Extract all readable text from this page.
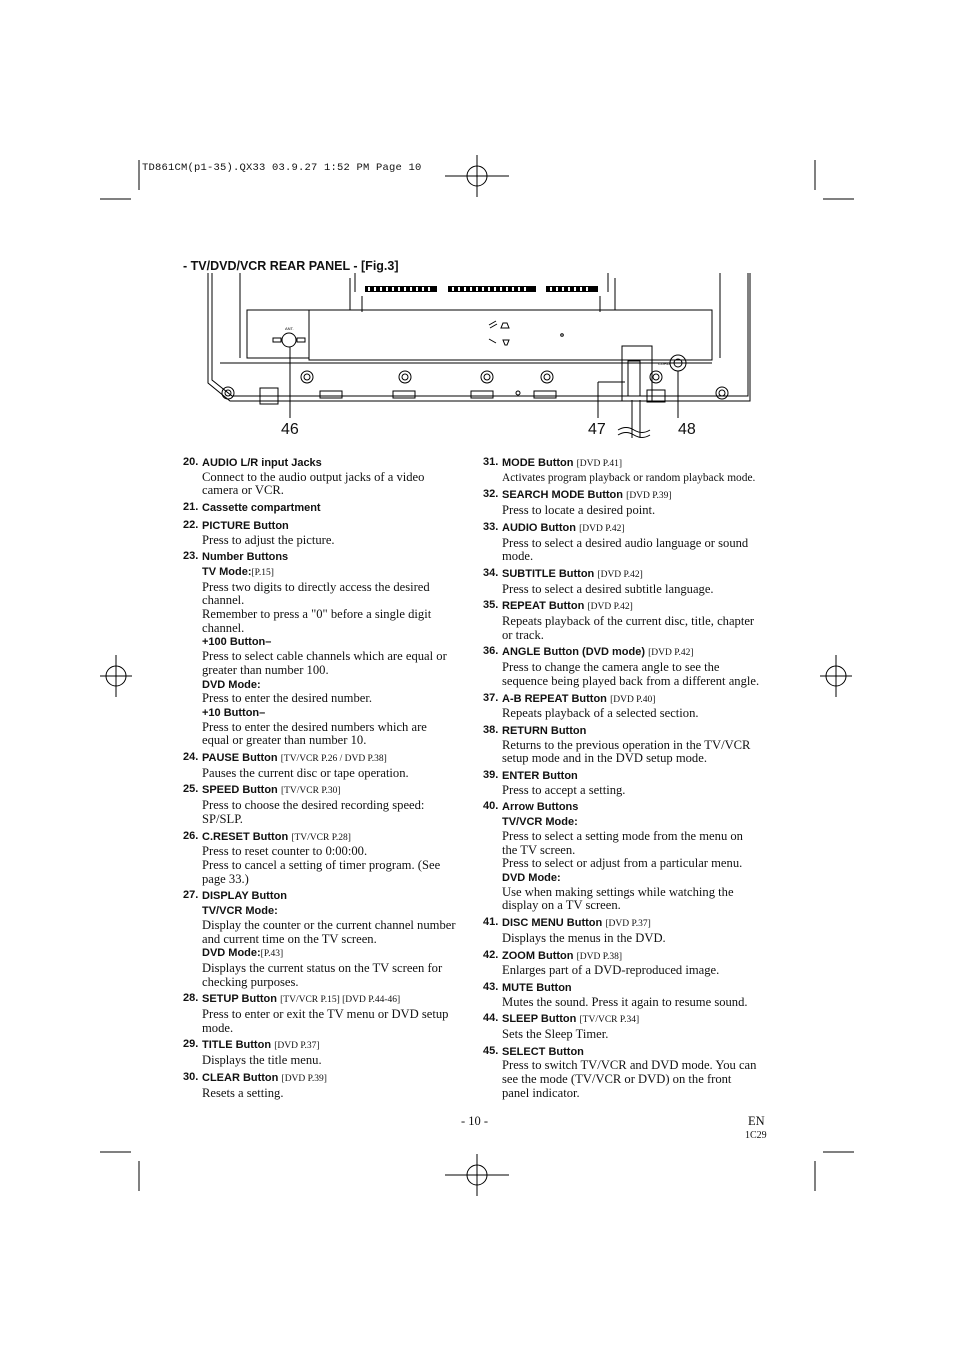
TD861CM(p1-35).QX33 03.9.27 1:52 PM Page 10
- TV/DVD/VCR REAR PANEL - [Fig.3]
ANT.
CORD
46	47	48
20. AUDIO L/R input Jacks
Connect to the audio output jacks of a video
camera or VCR.
21. Cassette compartment
22. PICTURE Button
Press to adjust the picture.
23. Number Buttons
TV Mode:[P.15]
Press two digits to directly access the desired
channel.
Remember to press a "0" before a single digit
channel.
+100 Button–
Press to select cable channels which are equal or
greater than number 100.
DVD Mode:
Press to enter the desired number.
+10 Button–
Press to enter the desired numbers which are
equal or greater than number 10.
24. PAUSE Button [TV/VCR P.26 / DVD P.38]
Pauses the current disc or tape operation.
25. SPEED Button [TV/VCR P.30]
Press to choose the desired recording speed:
SP/SLP.
26. C.RESET Button [TV/VCR P.28]
Press to reset counter to 0:00:00.
Press to cancel a setting of timer program. (See
page 33.)
27. DISPLAY Button
TV/VCR Mode:
Display the counter or the current channel number
and current time on the TV screen.
DVD Mode:[P.43]
Displays the current status on the TV screen for
checking purposes.
28. SETUP Button [TV/VCR P.15] [DVD P.44-46]
Press to enter or exit the TV menu or DVD setup
mode.
29. TITLE Button [DVD P.37]
Displays the title menu.
30. CLEAR Button [DVD P.39]
Resets a setting.
31. MODE Button [DVD P.41]
Activates program playback or random playback mode.
32. SEARCH MODE Button [DVD P.39]
Press to locate a desired point.
33. AUDIO Button [DVD P.42]
Press to select a desired audio language or sound
mode.
34. SUBTITLE Button [DVD P.42]
Press to select a desired subtitle language.
35. REPEAT Button [DVD P.42]
Repeats playback of the current disc, title, chapter
or track.
36. ANGLE Button (DVD mode) [DVD P.42]
Press to change the camera angle to see the
sequence being played back from a different angle.
37. A-B REPEAT Button [DVD P.40]
Repeats playback of a selected section.
38. RETURN Button
Returns to the previous operation in the TV/VCR
setup mode and in the DVD setup mode.
39. ENTER Button
Press to accept a setting.
40. Arrow Buttons
TV/VCR Mode:
Press to select a setting mode from the menu on
the TV screen.
Press to select or adjust from a particular menu.
DVD Mode:
Use when making settings while watching the
display on a TV screen.
41. DISC MENU Button [DVD P.37]
Displays the menus in the DVD.
42. ZOOM Button [DVD P.38]
Enlarges part of a DVD-reproduced image.
43. MUTE Button
Mutes the sound. Press it again to resume sound.
44. SLEEP Button [TV/VCR P.34]
Sets the Sleep Timer.
45. SELECT Button
Press to switch TV/VCR and DVD mode. You can
see the mode (TV/VCR or DVD) on the front
panel indicator.
- 10 -	EN
1C29
